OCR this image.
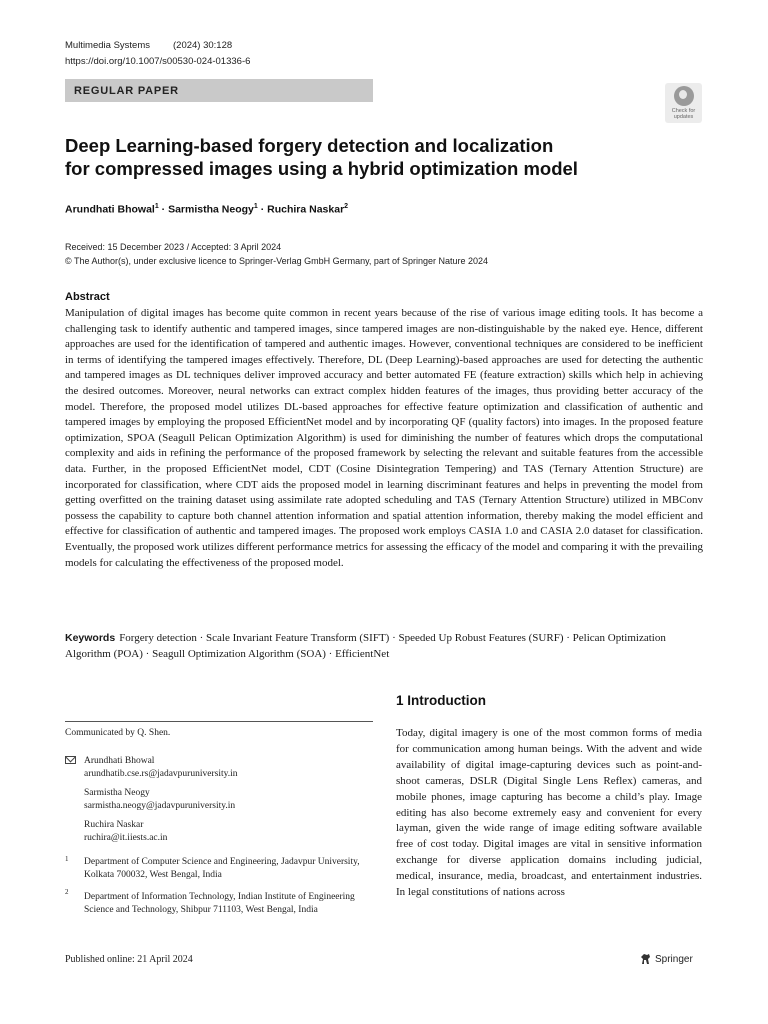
Multimedia Systems (2024) 30:128
https://doi.org/10.1007/s00530-024-01336-6
REGULAR PAPER
Check for updates
Deep Learning-based forgery detection and localization
for compressed images using a hybrid optimization model
Arundhati Bhowal$^1$ · Sarmistha Neogy$^1$ · Ruchira Naskar$^2$
Received: 15 December 2023 / Accepted: 3 April 2024
© The Author(s), under exclusive licence to Springer-Verlag GmbH Germany, part of Springer Nature 2024
Abstract
Manipulation of digital images has become quite common in recent years because of the rise of various image editing tools. It has become a challenging task to identify authentic and tampered images, since tampered images are non-distinguishable by the naked eye. Hence, different approaches are used for the identification of tampered and authentic images. However, conventional techniques are considered to be inefficient in terms of identifying the tampered images effectively. Therefore, DL (Deep Learning)-based approaches are used for detecting the authentic and tampered images as DL techniques deliver improved accuracy and better automated FE (feature extraction) skills which help in achieving the desired outcomes. Moreover, neural networks can extract complex hidden features of the images, thus providing better accuracy of the model. Therefore, the proposed model utilizes DL-based approaches for effective feature optimization and classification of authentic and tampered images by employing the proposed EfficientNet model and by incorporating QF (quality factors) into images. In the proposed feature optimization, SPOA (Seagull Pelican Optimization Algorithm) is used for diminishing the number of features which drops the computational complexity and aids in refining the performance of the proposed framework by selecting the relevant and suitable features from the accessible data. Further, in the proposed EfficientNet model, CDT (Cosine Disintegration Tempering) and TAS (Ternary Attention Structure) are incorporated for classification, where CDT aids the proposed model in learning discriminant features and helps in preventing the model from getting overfitted on the training dataset using assimilate rate adopted scheduling and TAS (Ternary Attention Structure) utilized in MBConv possess the capability to capture both channel attention information and spatial attention information, thereby making the model efficient and effective for classification of authentic and tampered images. The proposed work employs CASIA 1.0 and CASIA 2.0 dataset for classification. Eventually, the proposed work utilizes different performance metrics for assessing the efficacy of the model and comparing it with the prevailing models for calculating the effectiveness of the proposed model.
Keywords Forgery detection · Scale Invariant Feature Transform (SIFT) · Speeded Up Robust Features (SURF) · Pelican Optimization Algorithm (POA) · Seagull Optimization Algorithm (SOA) · EfficientNet
1 Introduction
Today, digital imagery is one of the most common forms of media for communication among human beings. With the advent and wide availability of digital image-capturing devices such as point-and-shoot cameras, DSLR (Digital Single Lens Reflex) cameras, and mobile phones, image capturing has become a child’s play. Image editing has also become extremely easy and convenient for every layman, given the wide range of image editing software available free of cost today. Digital images are vital in sensitive information exchange for diverse application domains including judicial, medical, insurance, media, broadcast, and entertainment industries. In legal constitutions of nations across
Communicated by Q. Shen.
Arundhati Bhowal
arundhatib.cse.rs@jadavpuruniversity.in
Sarmistha Neogy
sarmistha.neogy@jadavpuruniversity.in
Ruchira Naskar
ruchira@it.iiests.ac.in
1 Department of Computer Science and Engineering, Jadavpur University, Kolkata 700032, West Bengal, India
2 Department of Information Technology, Indian Institute of Engineering Science and Technology, Shibpur 711103, West Bengal, India
Published online: 21 April 2024	Springer
